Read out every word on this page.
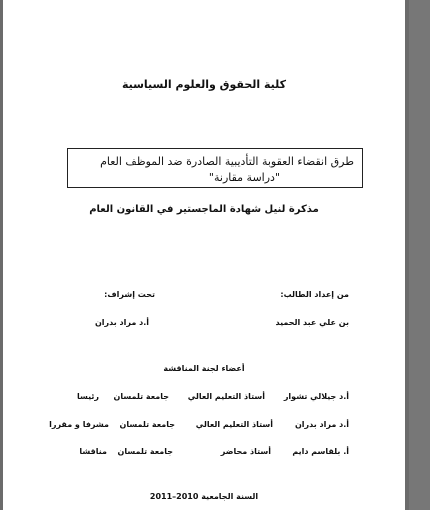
كلية الحقوق والعلوم السياسية
طرق انقضاء العقوبة التأديبية الصادرة ضد الموظف العام
"دراسة مقارنة"
مذكرة لنيل شهادة الماجستير في القانون العام
من إعداد الطالب:
تحت إشراف:
بن علي عبد الحميد
أ.د مراد بدران
أعضاء لجنة المناقشة
أ.د جيلالي تشوار
أستاذ التعليم العالي
جامعة تلمسان
رئيسا
أ.د مراد بدران
أستاذ التعليم العالي
جامعة تلمسان
مشرفا و مقررا
أ. بلقاسم دايم
أستاذ محاضر
جامعة تلمسان
مناقشا
السنة الجامعية 2010–2011
